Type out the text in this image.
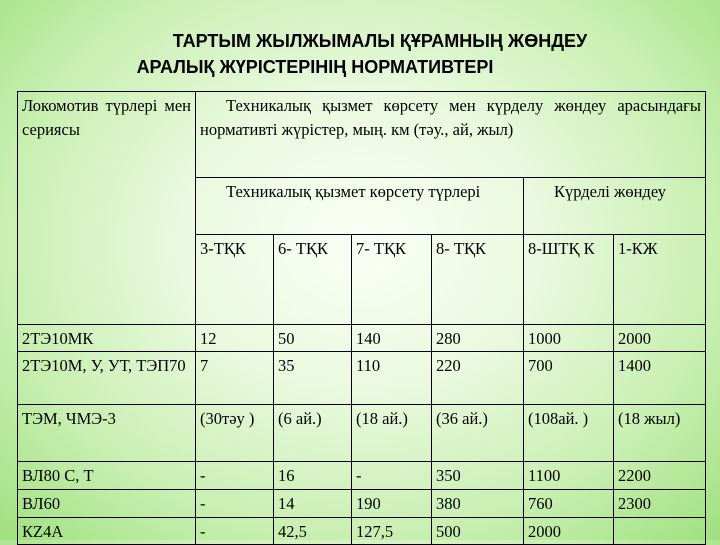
ТАРТЫМ ЖЫЛЖЫМАЛЫ ҚҰРАМНЫҢ ЖӨНДЕУ
АРАЛЫҚ ЖҮРІСТЕРІНІҢ НОРМАТИВТЕРІ
Локомотив түрлері мен сериясы	Техникалық қызмет көрсету мен күрделу жөндеу арасындағы нормативті жүрістер, мың. км (тәу., ай, жыл)					
	Техникалық қызмет көрсету түрлері				Күрделі жөндеу	
	3-ТҚК	6- ТҚК	7- ТҚК	8- ТҚК	8-ШТҚ К	1-КЖ
2ТЭ10МК	12	50	140	280	1000	2000
2ТЭ10М, У, УТ, ТЭП70	7	35	110	220	700	1400
ТЭМ, ЧМЭ-3	(30тәу )	(6 ай.)	(18 ай.)	(36 ай.)	(108ай. )	(18 жыл)
ВЛ80 С, Т	-	16	-	350	1100	2200
ВЛ60	-	14	190	380	760	2300
КZ4А	-	42,5	127,5	500	2000	
